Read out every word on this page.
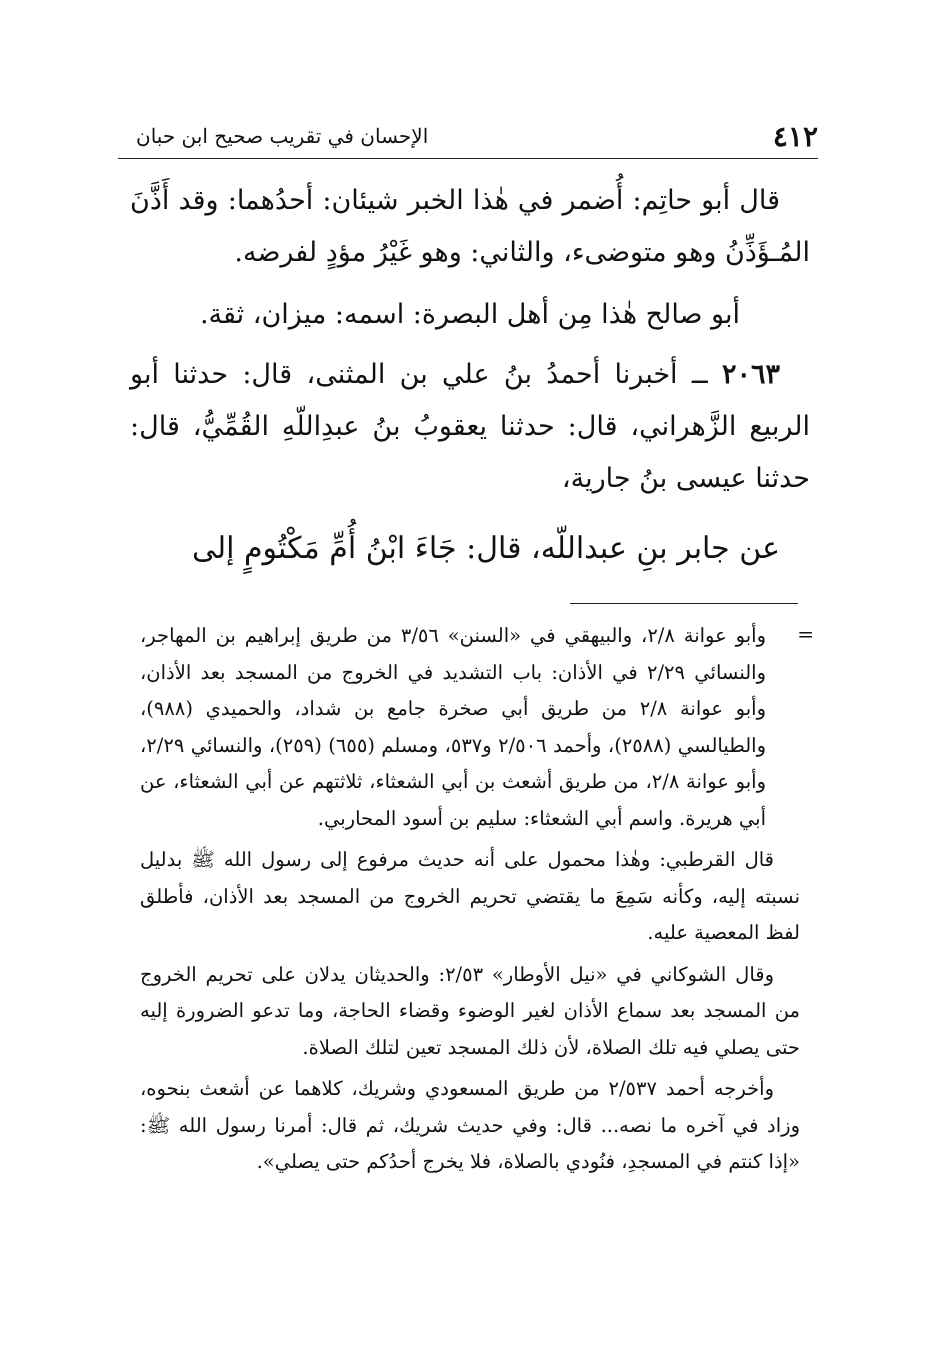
٤١٢
الإحسان في تقريب صحيح ابن حبان

قال أبو حاتِم: أُضمر في هٰذا الخبر شيئان: أحدُهما: وقد أَذَّنَ المُـؤَذِّنُ وهو متوضىء، والثاني: وهو غَيْرُ مؤدٍ لفرضه.

أبو صالح هٰذا مِن أهل البصرة: اسمه: ميزان، ثقة.

٢٠٦٣ ــ أخبرنا أحمدُ بنُ علي بن المثنى، قال: حدثنا أبو الربيع الزَّهراني، قال: حدثنا يعقوبُ بنُ عبدِاللّهِ القُمِّيُّ، قال: حدثنا عيسى بنُ جارية،

عن جابر بنِ عبداللّه، قال: جَاءَ ابْنُ أُمِّ مَكْتُومٍ إلى

=

وأبو عوانة ٢/٨، والبيهقي في «السنن» ٣/٥٦ من طريق إبراهيم بن المهاجر، والنسائي ٢/٢٩ في الأذان: باب التشديد في الخروج من المسجد بعد الأذان، وأبو عوانة ٢/٨ من طريق أبي صخرة جامع بن شداد، والحميدي (٩٨٨)، والطيالسي (٢٥٨٨)، وأحمد ٢/٥٠٦ و٥٣٧، ومسلم (٦٥٥) (٢٥٩)، والنسائي ٢/٢٩، وأبو عوانة ٢/٨، من طريق أشعث بن أبي الشعثاء، ثلاثتهم عن أبي الشعثاء، عن أبي هريرة. واسم أبي الشعثاء: سليم بن أسود المحاربي.

قال القرطبي: وهٰذا محمول على أنه حديث مرفوع إلى رسول الله ﷺ بدليل نسبته إليه، وكأنه سَمِعَ ما يقتضي تحريم الخروج من المسجد بعد الأذان، فأطلق لفظ المعصية عليه.

وقال الشوكاني في «نيل الأوطار» ٢/٥٣: والحديثان يدلان على تحريم الخروج من المسجد بعد سماع الأذان لغير الوضوء وقضاء الحاجة، وما تدعو الضرورة إليه حتى يصلي فيه تلك الصلاة، لأن ذلك المسجد تعين لتلك الصلاة.

وأخرجه أحمد ٢/٥٣٧ من طريق المسعودي وشريك، كلاهما عن أشعث بنحوه، وزاد في آخره ما نصه... قال: وفي حديث شريك، ثم قال: أمرنا رسول الله ﷺ: «إذا كنتم في المسجدِ، فنُودي بالصلاة، فلا يخرج أحدُكم حتى يصلي».
